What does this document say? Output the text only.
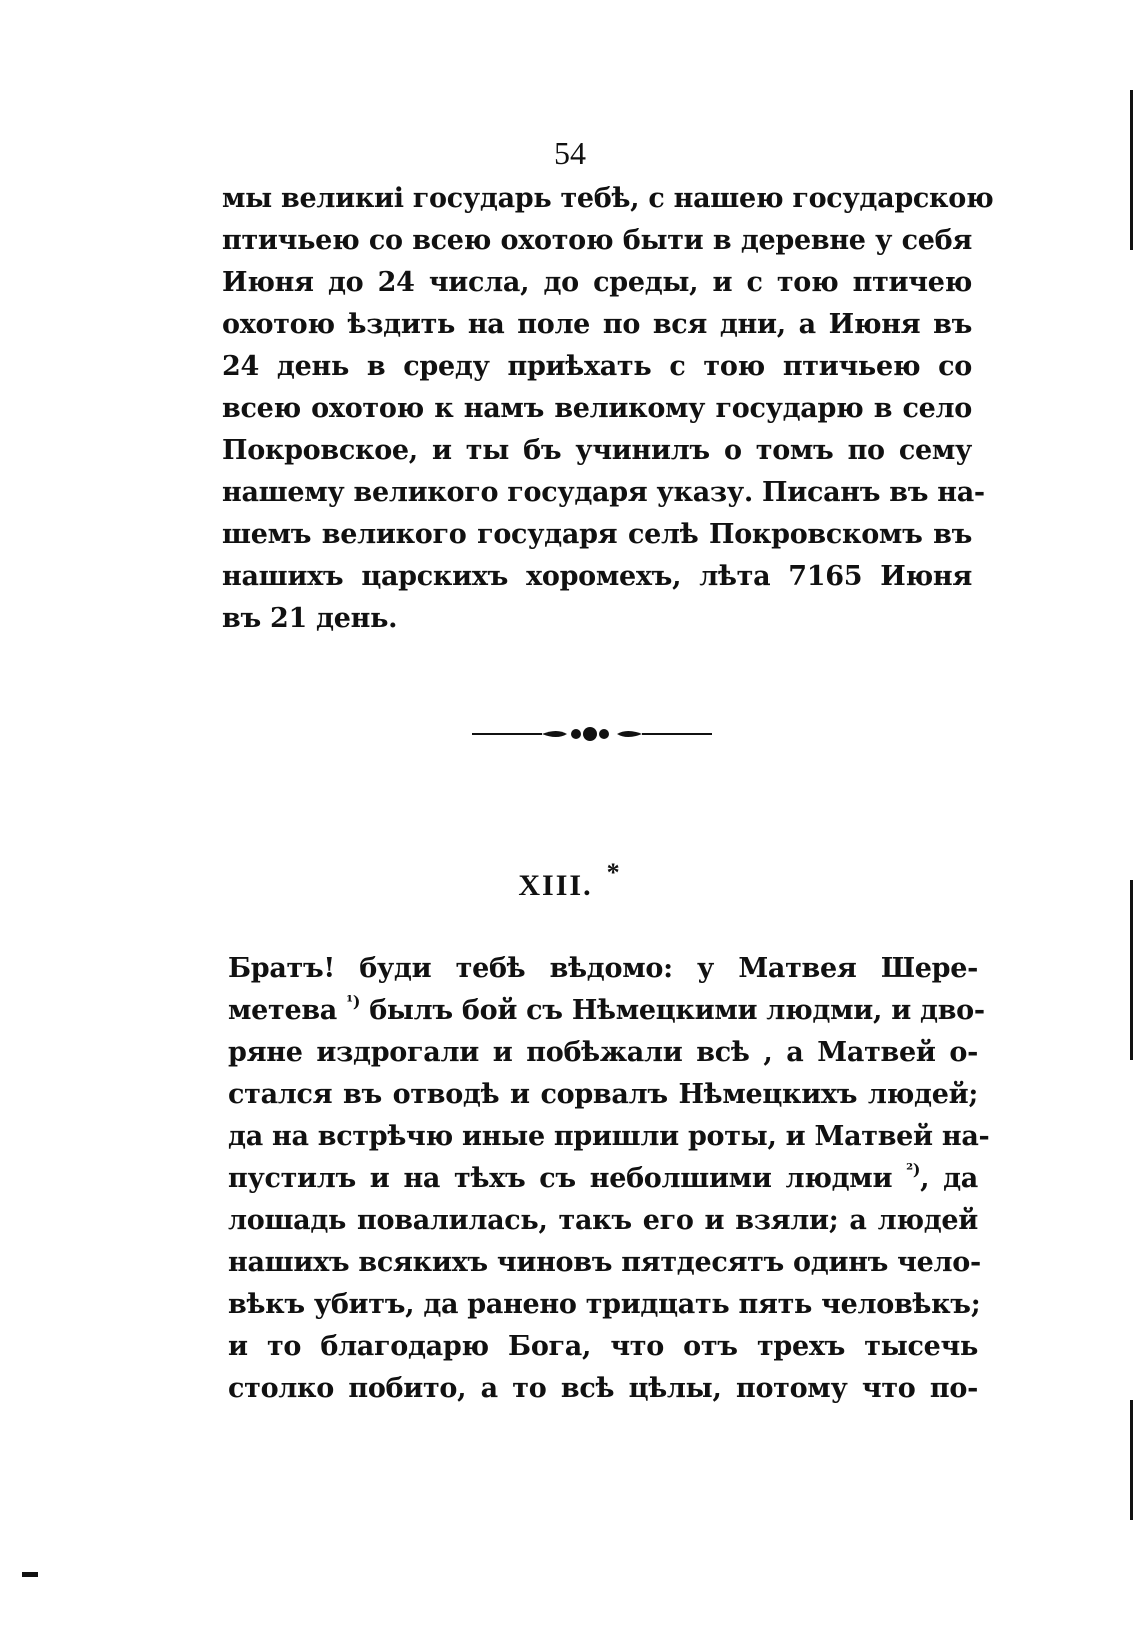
54
мы великиі государь тебѣ, с нашею государскою
птичьею со всею охотою быти в деревне у себя
Июня до 24 числа, до среды, и с тою птичею
охотою ѣздить на поле по вся дни, а Июня въ
24 день в среду приѣхать с тою птичьею со
всею охотою к намъ великому государю в село
Покровское, и ты бъ учинилъ о томъ по сему
нашему великого государя указу. Писанъ въ на-
шемъ великого государя селѣ Покровскомъ въ
нашихъ царскихъ хоромехъ, лѣта 7165 Июня
въ 21 день.
XIII. *
Братъ! буди тебѣ вѣдомо: у Матвея Шере-
метева $^{^1)}$ былъ бой съ Нѣмецкими людми, и дво-
ряне издрогали и побѣжали всѣ , а Матвей о-
стался въ отводѣ и сорвалъ Нѣмецкихъ людей;
да на встрѣчю иные пришли роты, и Матвей на-
пустилъ и на тѣхъ съ неболшими людми $^{^2)}$, да
лошадь повалилась, такъ его и взяли; а людей
нашихъ всякихъ чиновъ пятдесятъ одинъ чело-
вѣкъ убитъ, да ранено тридцать пять человѣкъ;
и то благодарю Бога, что отъ трехъ тысечь
столко побито, а то всѣ цѣлы, потому что по-
